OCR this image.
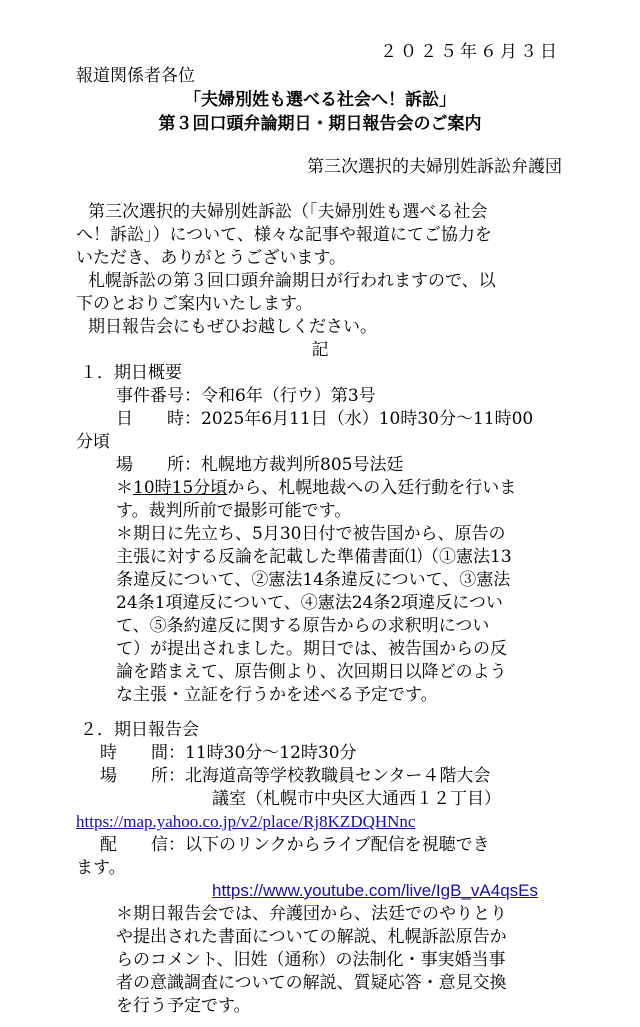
２０２５年６月３日
報道関係者各位
「夫婦別姓も選べる社会へ！訴訟」
第３回口頭弁論期日・期日報告会のご案内
第三次選択的夫婦別姓訴訟弁護団
第三次選択的夫婦別姓訴訟（「夫婦別姓も選べる社会
へ！訴訟」）について、様々な記事や報道にてご協力を
いただき、ありがとうございます。
札幌訴訟の第３回口頭弁論期日が行われますので、以
下のとおりご案内いたします。
期日報告会にもぜひお越しください。
記
１．期日概要
事件番号：令和6年（行ウ）第3号
日　　時：2025年6月11日（水）10時30分〜11時00
分頃
場　　所：札幌地方裁判所805号法廷
＊10時15分頃から、札幌地裁への入廷行動を行いま
す。裁判所前で撮影可能です。
＊期日に先立ち、5月30日付で被告国から、原告の
主張に対する反論を記載した準備書面⑴（①憲法13
条違反について、②憲法14条違反について、③憲法
24条1項違反について、④憲法24条2項違反につい
て、⑤条約違反に関する原告からの求釈明につい
て）が提出されました。期日では、被告国からの反
論を踏まえて、原告側より、次回期日以降どのよう
な主張・立証を行うかを述べる予定です。
２．期日報告会
時　　間：11時30分〜12時30分
場　　所：北海道高等学校教職員センター４階大会
議室（札幌市中央区大通西１２丁目）
https://map.yahoo.co.jp/v2/place/Rj8KZDQHNnc
配　　信：以下のリンクからライブ配信を視聴でき
ます。
https://www.youtube.com/live/IgB_vA4qsEs
＊期日報告会では、弁護団から、法廷でのやりとり
や提出された書面についての解説、札幌訴訟原告か
らのコメント、旧姓（通称）の法制化・事実婚当事
者の意識調査についての解説、質疑応答・意見交換
を行う予定です。
